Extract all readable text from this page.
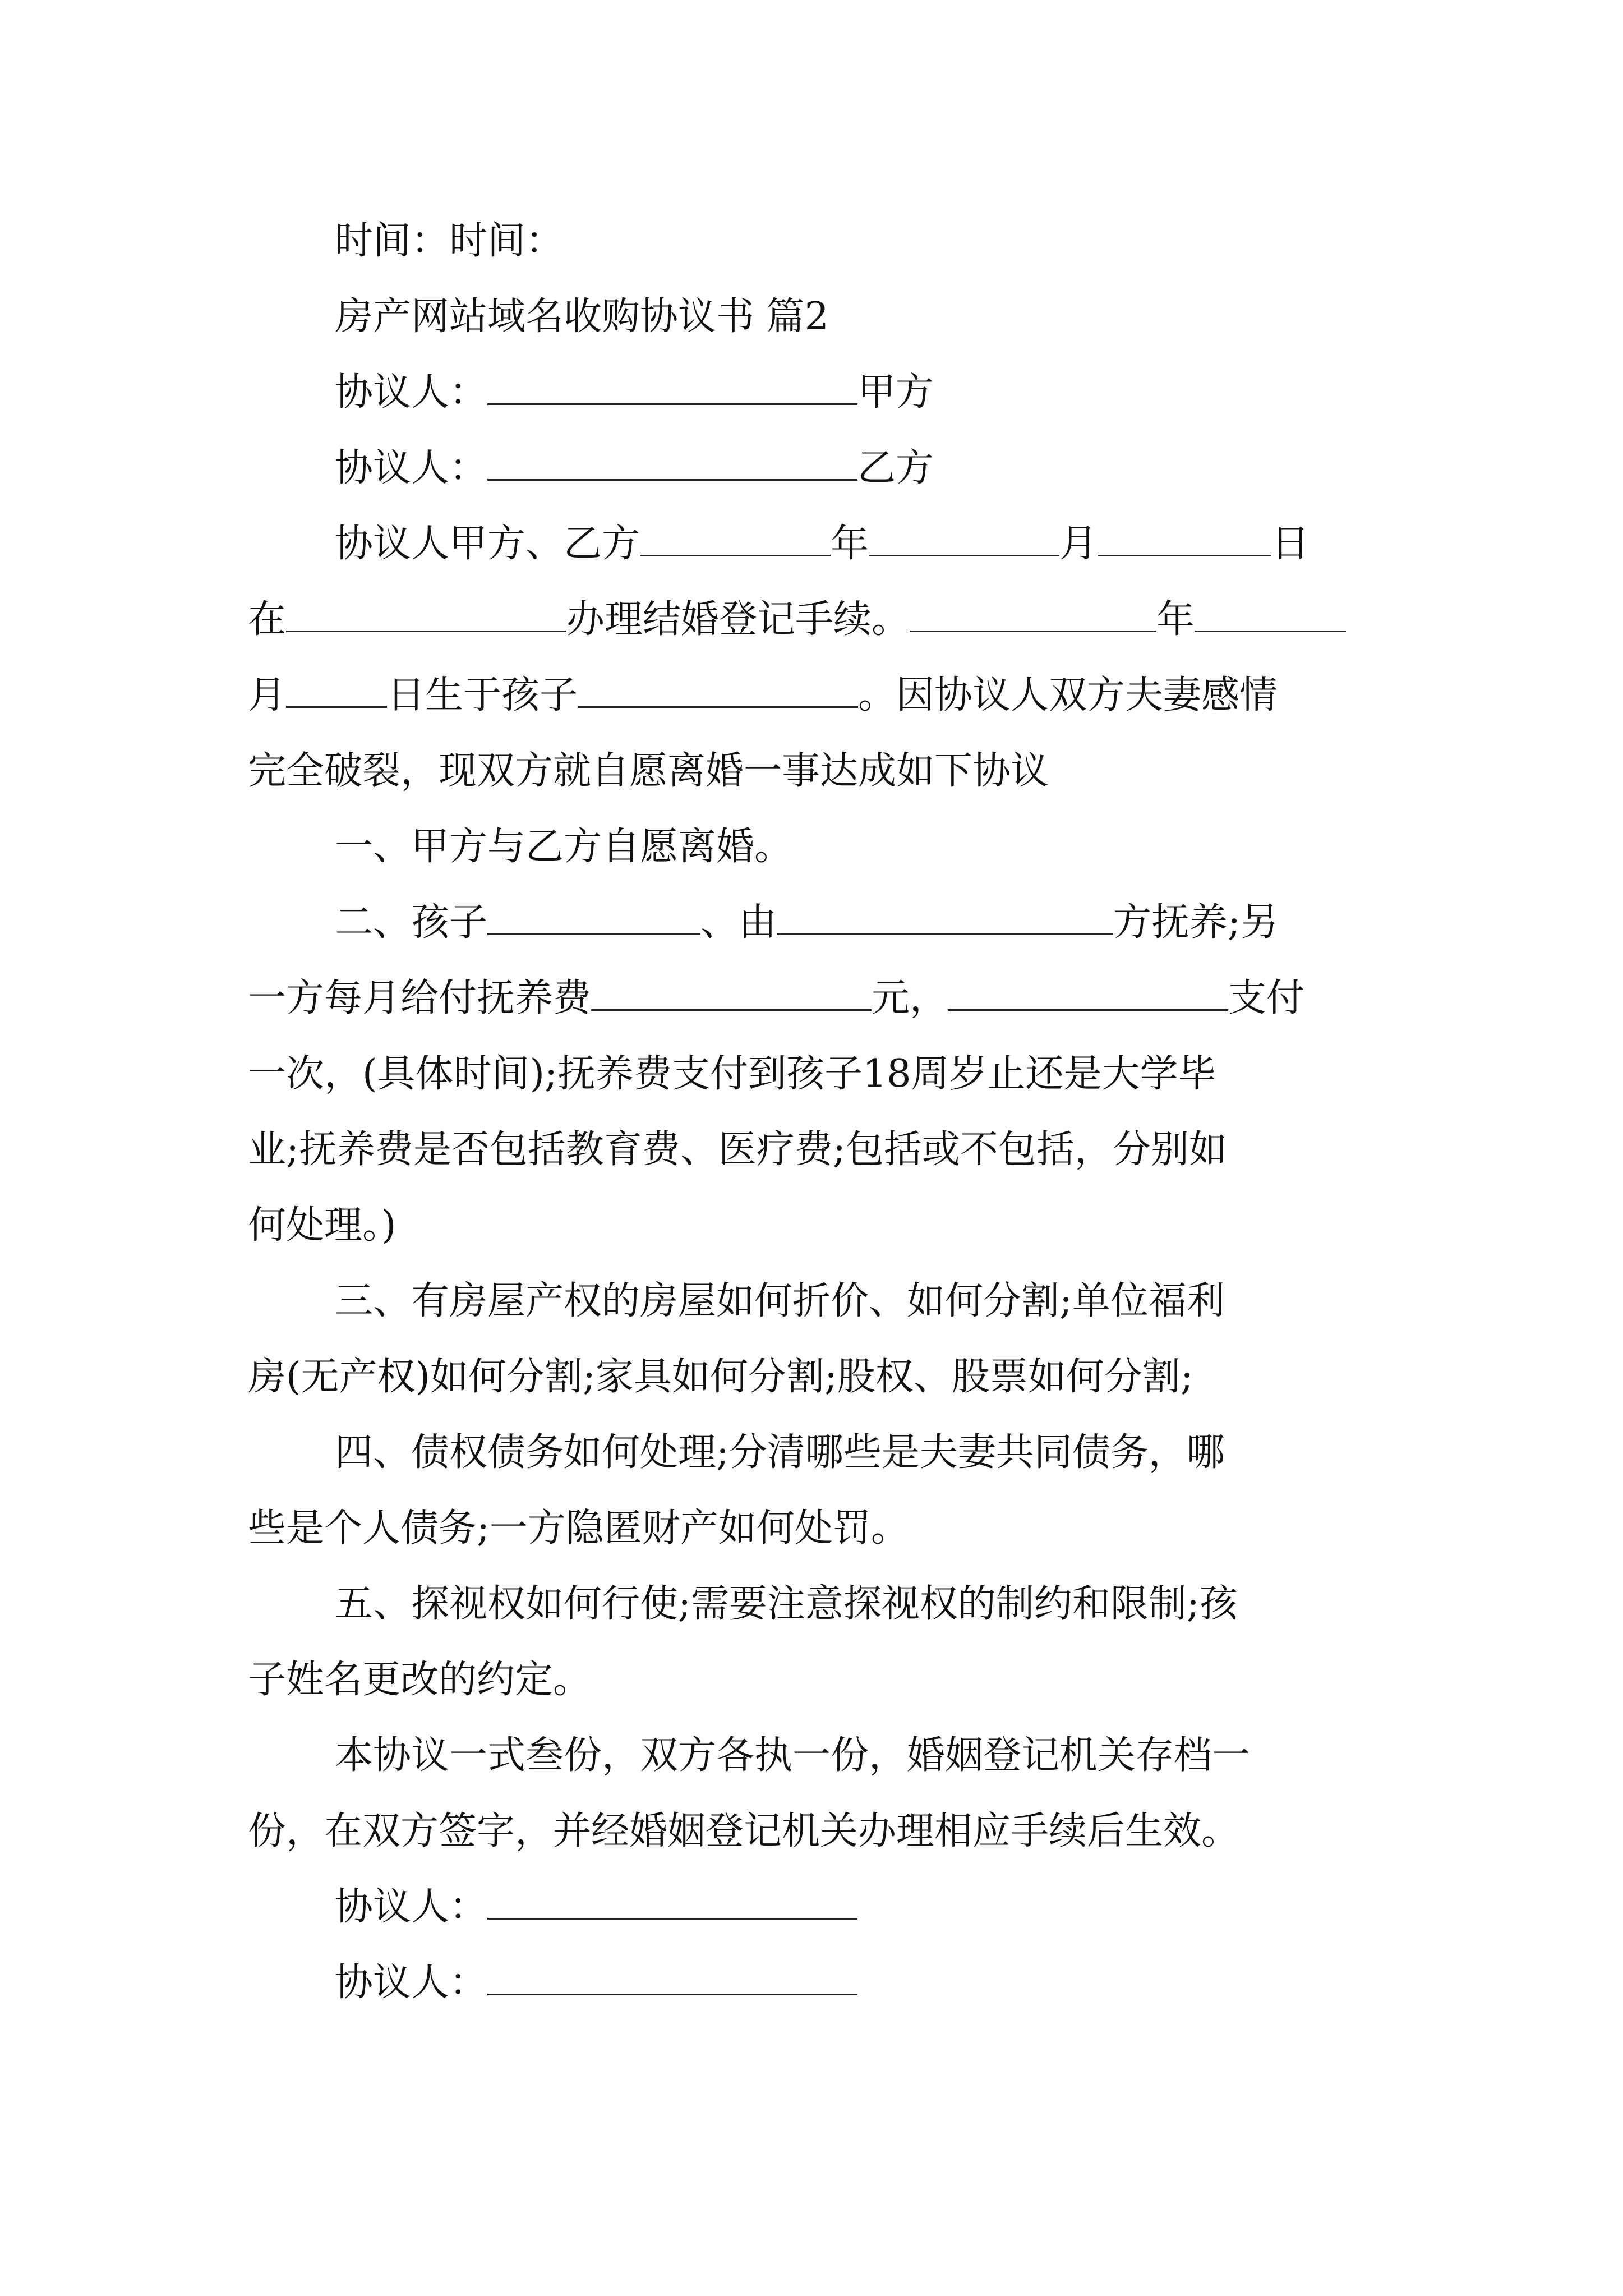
时间：时间：
房产网站域名收购协议书 篇2
协议人：	甲方
协议人：	乙方
协议人甲方、乙方	年	月	日
在	办理结婚登记手续。	年
月	日生于孩子	。因协议人双方夫妻感情
完全破裂，现双方就自愿离婚一事达成如下协议
一、甲方与乙方自愿离婚。
二、孩子	、由	方抚养;另
一方每月给付抚养费	元，	支付
一次，(具体时间);抚养费支付到孩子18周岁止还是大学毕
业;抚养费是否包括教育费、医疗费;包括或不包括，分别如
何处理。)
三、有房屋产权的房屋如何折价、如何分割;单位福利
房(无产权)如何分割;家具如何分割;股权、股票如何分割;
四、债权债务如何处理;分清哪些是夫妻共同债务，哪
些是个人债务;一方隐匿财产如何处罚。
五、探视权如何行使;需要注意探视权的制约和限制;孩
子姓名更改的约定。
本协议一式叁份，双方各执一份，婚姻登记机关存档一
份，在双方签字，并经婚姻登记机关办理相应手续后生效。
协议人：
协议人：
